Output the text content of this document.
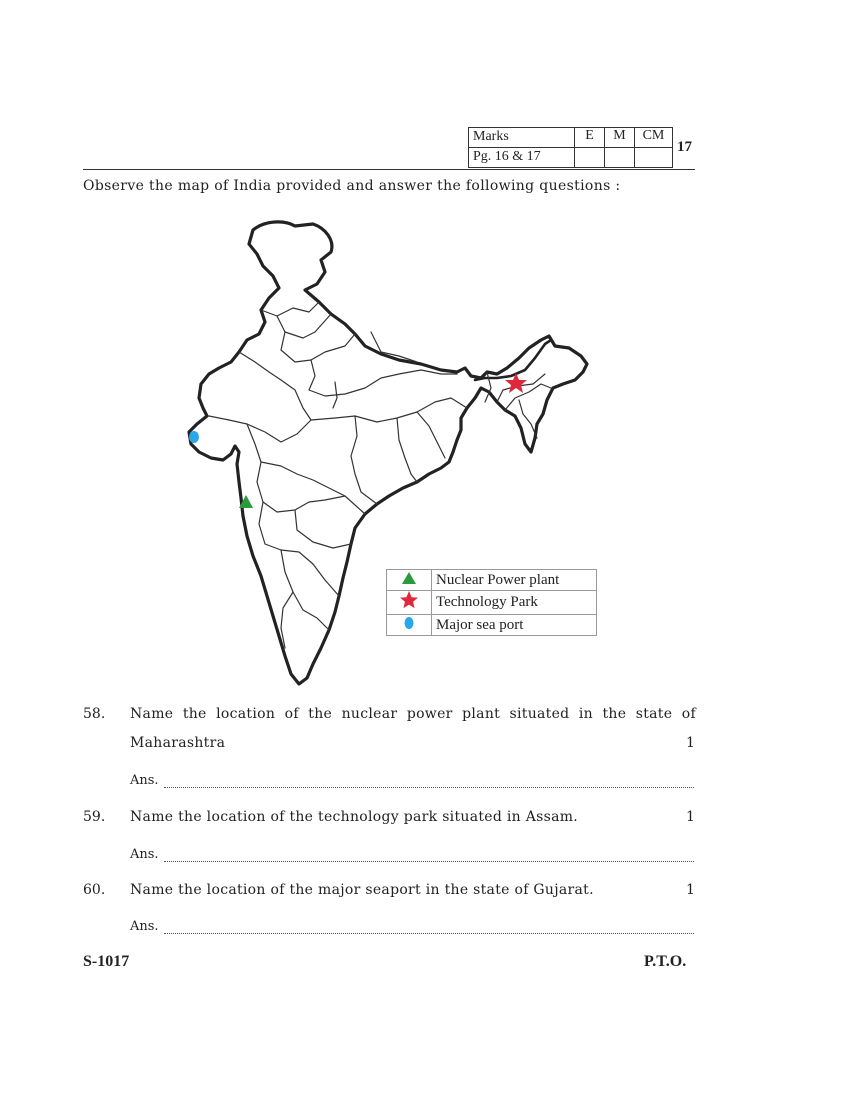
Marks	E	M	CM
Pg. 16 & 17			
17
Observe the map of India provided and answer the following questions :
	Nuclear Power plant
	Technology Park
	Major sea port
58. Name the location of the nuclear power plant situated in the state of
Maharashtra	1
Ans.
59. Name the location of the technology park situated in Assam.	1
Ans.
60. Name the location of the major seaport in the state of Gujarat.	1
Ans.
S-1017	P.T.O.
